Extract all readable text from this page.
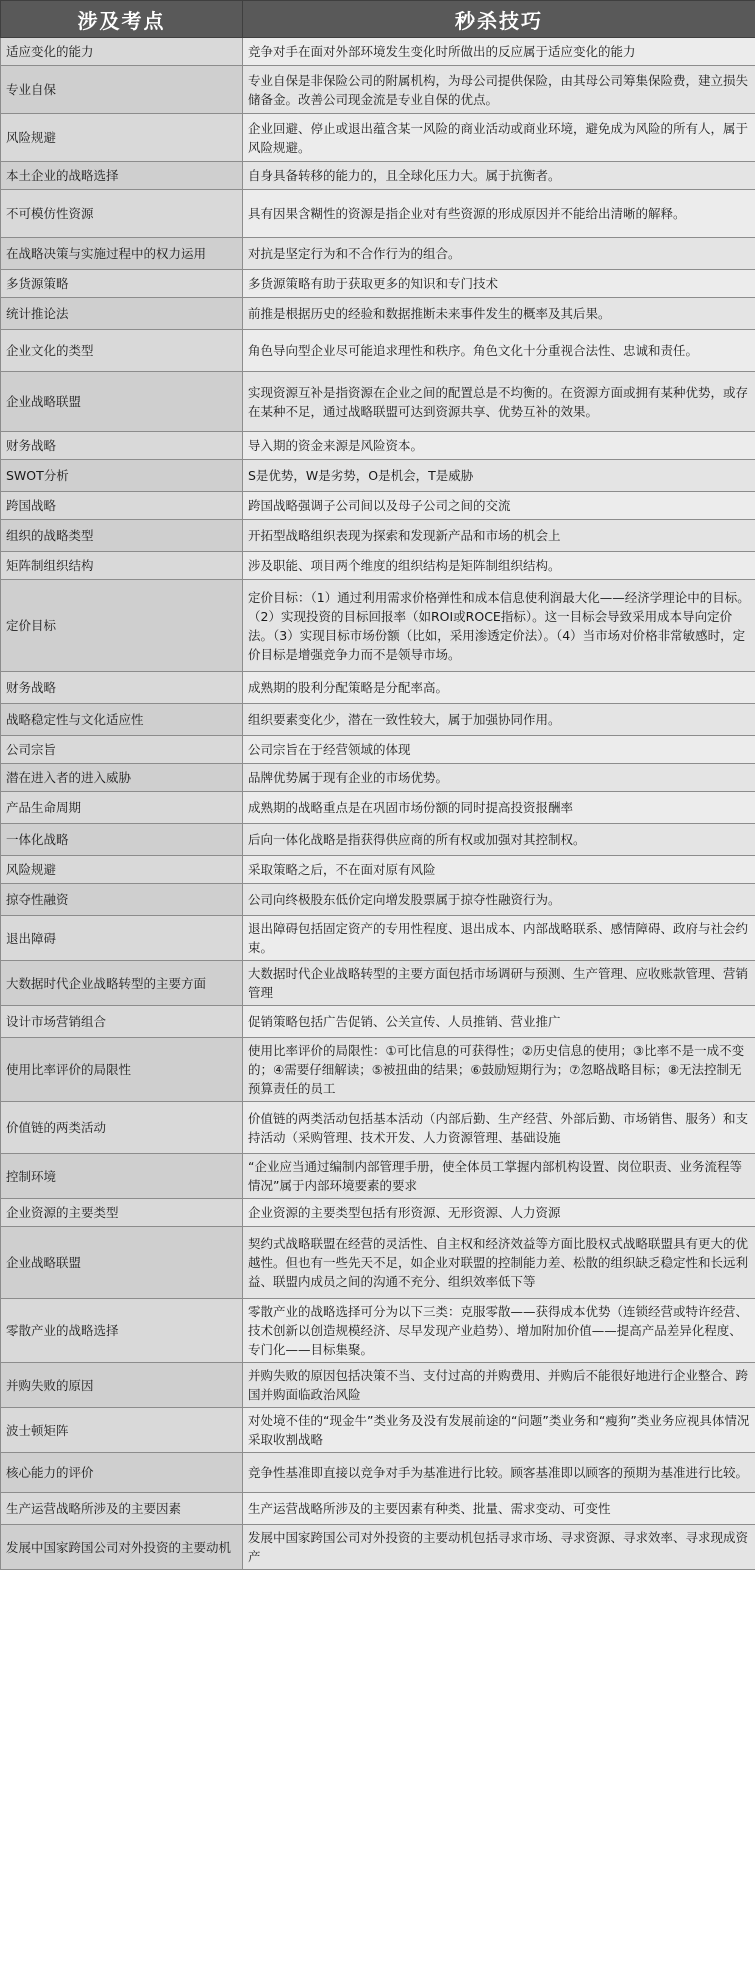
涉及考点	秒杀技巧
适应变化的能力	竞争对手在面对外部环境发生变化时所做出的反应属于适应变化的能力
专业自保	专业自保是非保险公司的附属机构，为母公司提供保险，由其母公司筹集保险费，建立损失储备金。改善公司现金流是专业自保的优点。
风险规避	企业回避、停止或退出蕴含某一风险的商业活动或商业环境，避免成为风险的所有人，属于风险规避。
本土企业的战略选择	自身具备转移的能力的，且全球化压力大。属于抗衡者。
不可模仿性资源	具有因果含糊性的资源是指企业对有些资源的形成原因并不能给出清晰的解释。
在战略决策与实施过程中的权力运用	对抗是坚定行为和不合作行为的组合。
多货源策略	多货源策略有助于获取更多的知识和专门技术
统计推论法	前推是根据历史的经验和数据推断未来事件发生的概率及其后果。
企业文化的类型	角色导向型企业尽可能追求理性和秩序。角色文化十分重视合法性、忠诚和责任。
企业战略联盟	实现资源互补是指资源在企业之间的配置总是不均衡的。在资源方面或拥有某种优势，或存在某种不足，通过战略联盟可达到资源共享、优势互补的效果。
财务战略	导入期的资金来源是风险资本。
SWOT分析	S是优势，W是劣势，O是机会，T是威胁
跨国战略	跨国战略强调子公司间以及母子公司之间的交流
组织的战略类型	开拓型战略组织表现为探索和发现新产品和市场的机会上
矩阵制组织结构	涉及职能、项目两个维度的组织结构是矩阵制组织结构。
定价目标	定价目标：（1）通过利用需求价格弹性和成本信息使利润最大化——经济学理论中的目标。（2）实现投资的目标回报率（如ROI或ROCE指标）。这一目标会导致采用成本导向定价法。（3）实现目标市场份额（比如，采用渗透定价法）。（4）当市场对价格非常敏感时，定价目标是增强竞争力而不是领导市场。
财务战略	成熟期的股利分配策略是分配率高。
战略稳定性与文化适应性	组织要素变化少，潜在一致性较大，属于加强协同作用。
公司宗旨	公司宗旨在于经营领域的体现
潜在进入者的进入威胁	品牌优势属于现有企业的市场优势。
产品生命周期	成熟期的战略重点是在巩固市场份额的同时提高投资报酬率
一体化战略	后向一体化战略是指获得供应商的所有权或加强对其控制权。
风险规避	采取策略之后，不在面对原有风险
掠夺性融资	公司向终极股东低价定向增发股票属于掠夺性融资行为。
退出障碍	退出障碍包括固定资产的专用性程度、退出成本、内部战略联系、感情障碍、政府与社会约束。
大数据时代企业战略转型的主要方面	大数据时代企业战略转型的主要方面包括市场调研与预测、生产管理、应收账款管理、营销管理
设计市场营销组合	促销策略包括广告促销、公关宣传、人员推销、营业推广
使用比率评价的局限性	使用比率评价的局限性：①可比信息的可获得性；②历史信息的使用；③比率不是一成不变的；④需要仔细解读；⑤被扭曲的结果；⑥鼓励短期行为；⑦忽略战略目标；⑧无法控制无预算责任的员工
价值链的两类活动	价值链的两类活动包括基本活动（内部后勤、生产经营、外部后勤、市场销售、服务）和支持活动（采购管理、技术开发、人力资源管理、基础设施
控制环境	“企业应当通过编制内部管理手册，使全体员工掌握内部机构设置、岗位职责、业务流程等情况”属于内部环境要素的要求
企业资源的主要类型	企业资源的主要类型包括有形资源、无形资源、人力资源
企业战略联盟	契约式战略联盟在经营的灵活性、自主权和经济效益等方面比股权式战略联盟具有更大的优越性。但也有一些先天不足，如企业对联盟的控制能力差、松散的组织缺乏稳定性和长远利益、联盟内成员之间的沟通不充分、组织效率低下等
零散产业的战略选择	零散产业的战略选择可分为以下三类：克服零散——获得成本优势（连锁经营或特许经营、技术创新以创造规模经济、尽早发现产业趋势）、增加附加价值——提高产品差异化程度、专门化——目标集聚。
并购失败的原因	并购失败的原因包括决策不当、支付过高的并购费用、并购后不能很好地进行企业整合、跨国并购面临政治风险
波士顿矩阵	对处境不佳的“现金牛”类业务及没有发展前途的“问题”类业务和“瘦狗”类业务应视具体情况采取收割战略
核心能力的评价	竞争性基准即直接以竞争对手为基准进行比较。顾客基准即以顾客的预期为基准进行比较。
生产运营战略所涉及的主要因素	生产运营战略所涉及的主要因素有种类、批量、需求变动、可变性
发展中国家跨国公司对外投资的主要动机	发展中国家跨国公司对外投资的主要动机包括寻求市场、寻求资源、寻求效率、寻求现成资产
